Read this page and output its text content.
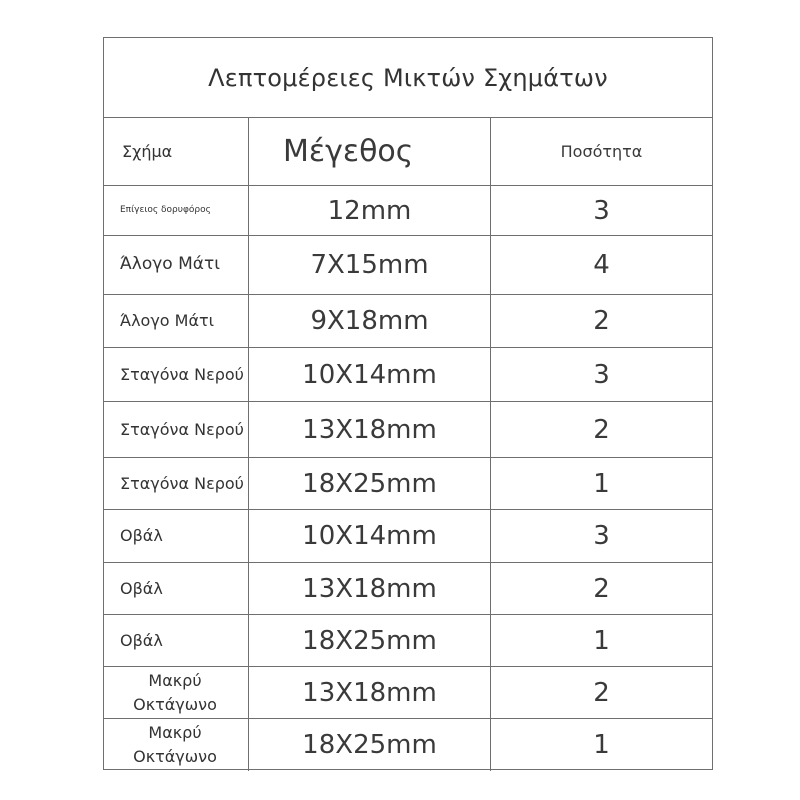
Λεπτομέρειες Μικτών Σχημάτων
Σχήμα	Μέγεθος	Ποσότητα
Επίγειος δορυφόρος	12mm	3
Άλογο Μάτι	7X15mm	4
Άλογο Μάτι	9X18mm	2
Σταγόνα Νερού	10X14mm	3
Σταγόνα Νερού	13X18mm	2
Σταγόνα Νερού	18X25mm	1
Οβάλ	10X14mm	3
Οβάλ	13X18mm	2
Οβάλ	18X25mm	1
Μακρύ Οκτάγωνο	13X18mm	2
Μακρύ Οκτάγωνο	18X25mm	1
